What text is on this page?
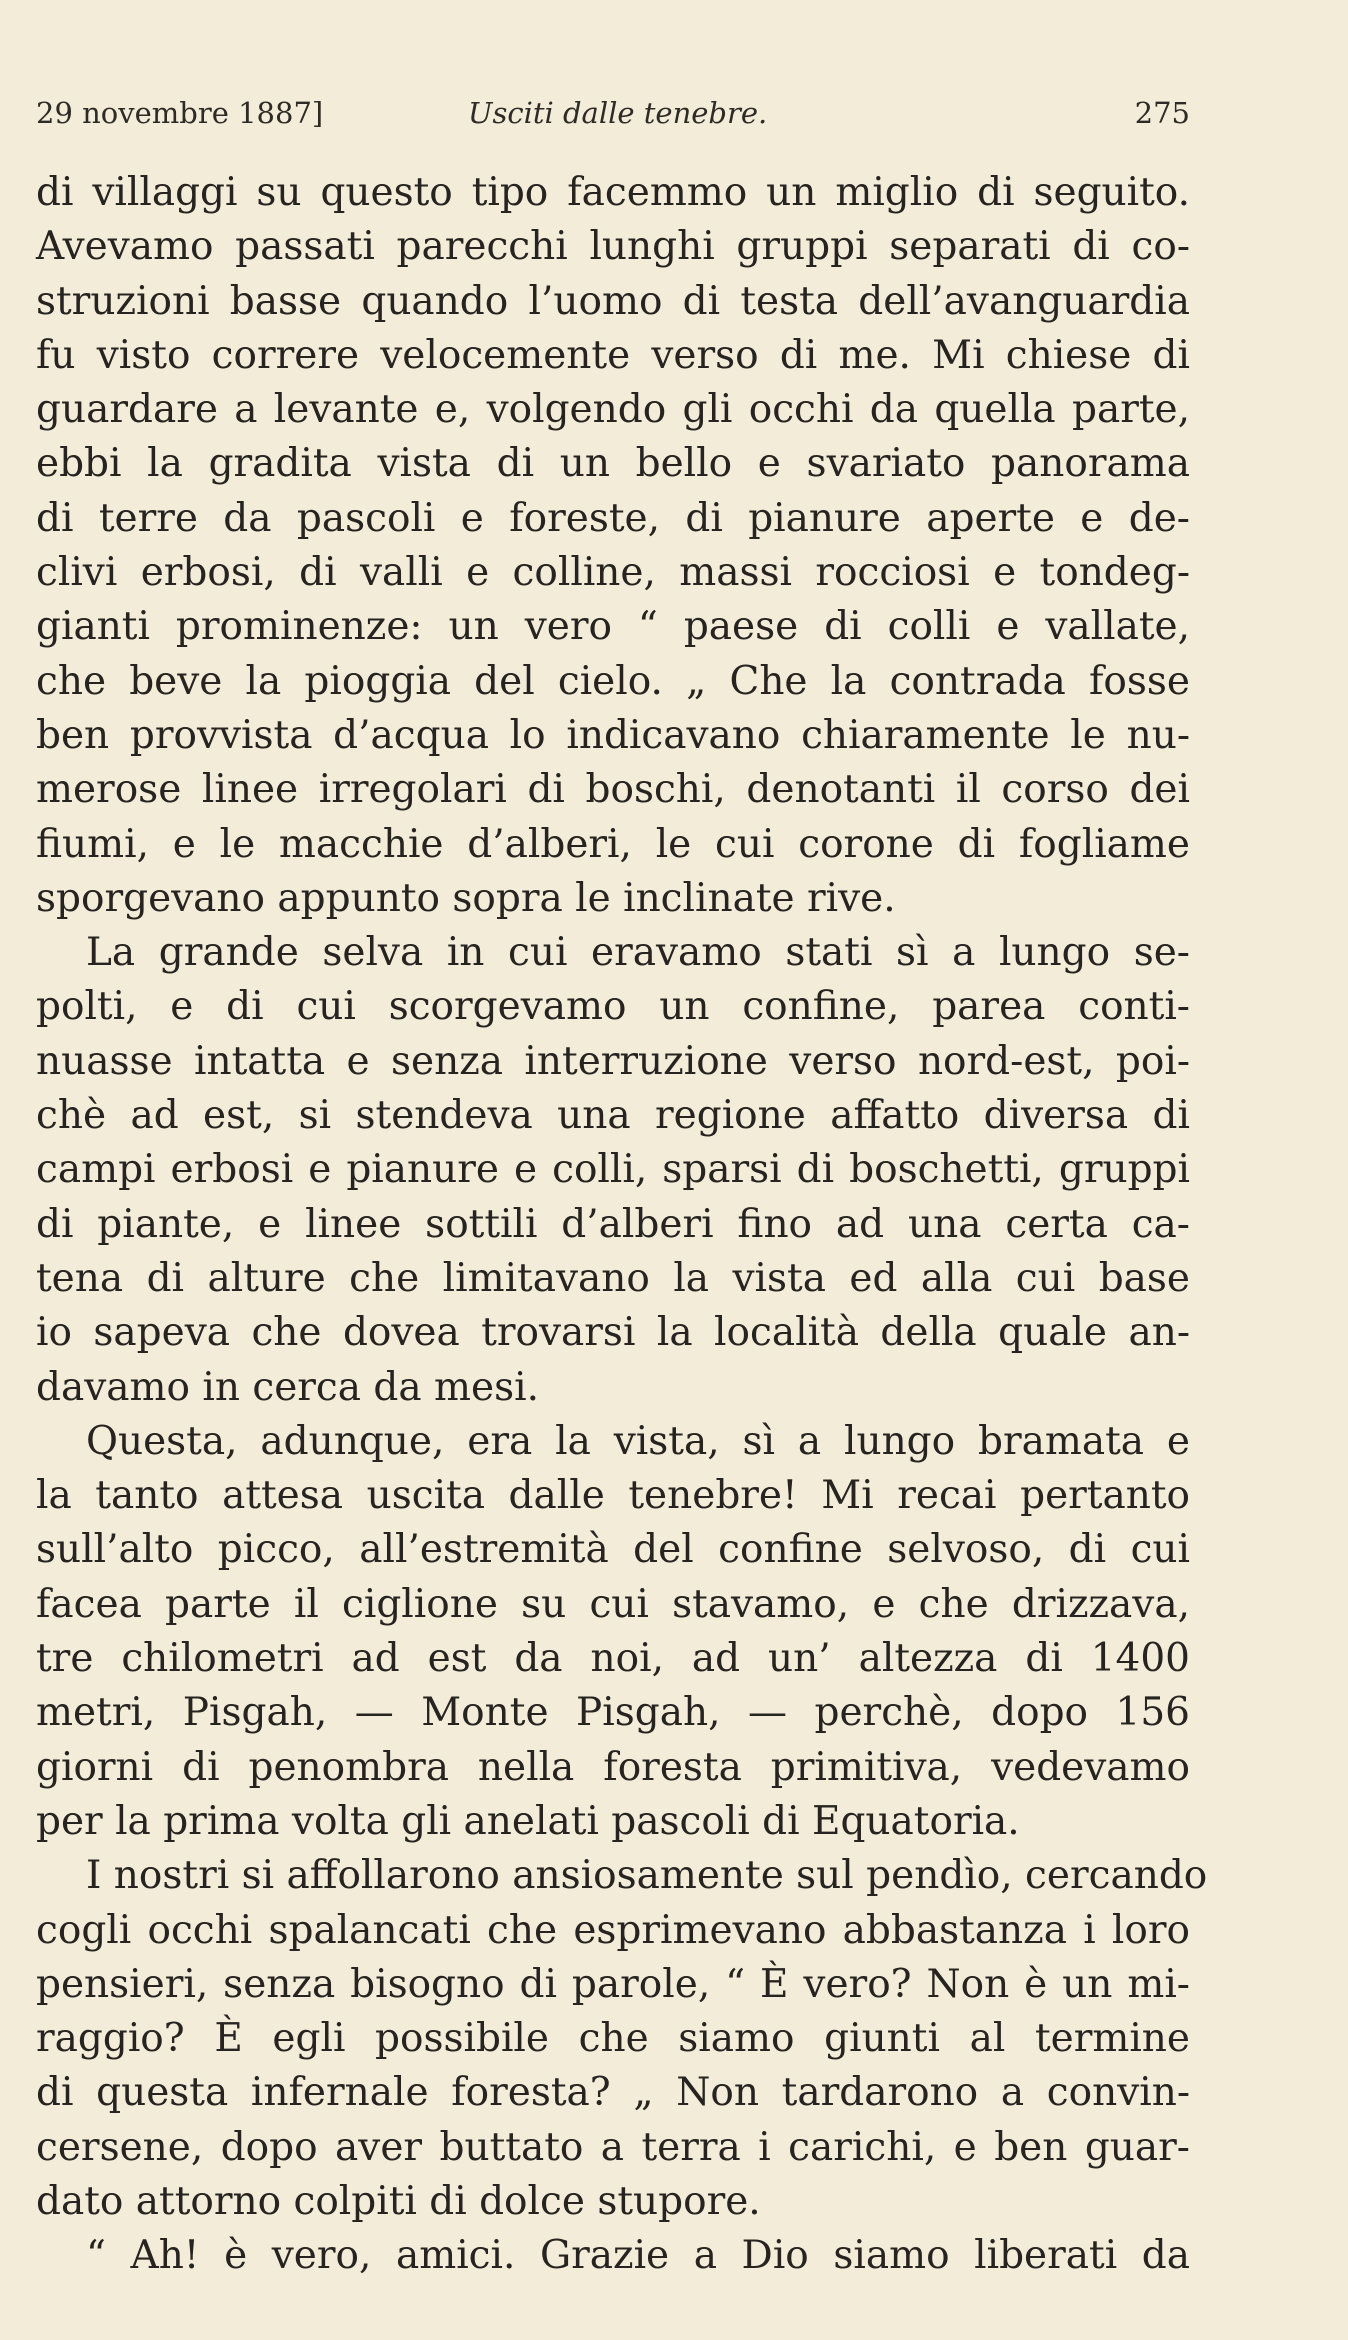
29 novembre 1887]	Usciti dalle tenebre.	275
di villaggi su questo tipo facemmo un miglio di seguito.
Avevamo passati parecchi lunghi gruppi separati di co-
struzioni basse quando l’uomo di testa dell’avanguardia
fu visto correre velocemente verso di me. Mi chiese di
guardare a levante e, volgendo gli occhi da quella parte,
ebbi la gradita vista di un bello e svariato panorama
di terre da pascoli e foreste, di pianure aperte e de-
clivi erbosi, di valli e colline, massi rocciosi e tondeg-
gianti prominenze: un vero “ paese di colli e vallate,
che beve la pioggia del cielo. „ Che la contrada fosse
ben provvista d’acqua lo indicavano chiaramente le nu-
merose linee irregolari di boschi, denotanti il corso dei
fiumi, e le macchie d’alberi, le cui corone di fogliame
sporgevano appunto sopra le inclinate rive.
La grande selva in cui eravamo stati sì a lungo se-
polti, e di cui scorgevamo un confine, parea conti-
nuasse intatta e senza interruzione verso nord-est, poi-
chè ad est, si stendeva una regione affatto diversa di
campi erbosi e pianure e colli, sparsi di boschetti, gruppi
di piante, e linee sottili d’alberi fino ad una certa ca-
tena di alture che limitavano la vista ed alla cui base
io sapeva che dovea trovarsi la località della quale an-
davamo in cerca da mesi.
Questa, adunque, era la vista, sì a lungo bramata e
la tanto attesa uscita dalle tenebre! Mi recai pertanto
sull’alto picco, all’estremità del confine selvoso, di cui
facea parte il ciglione su cui stavamo, e che drizzava,
tre chilometri ad est da noi, ad un’ altezza di 1400
metri, Pisgah, — Monte Pisgah, — perchè, dopo 156
giorni di penombra nella foresta primitiva, vedevamo
per la prima volta gli anelati pascoli di Equatoria.
I nostri si affollarono ansiosamente sul pendìo, cercando
cogli occhi spalancati che esprimevano abbastanza i loro
pensieri, senza bisogno di parole, “ È vero? Non è un mi-
raggio? È egli possibile che siamo giunti al termine
di questa infernale foresta? „ Non tardarono a convin-
cersene, dopo aver buttato a terra i carichi, e ben guar-
dato attorno colpiti di dolce stupore.
“ Ah! è vero, amici. Grazie a Dio siamo liberati da
